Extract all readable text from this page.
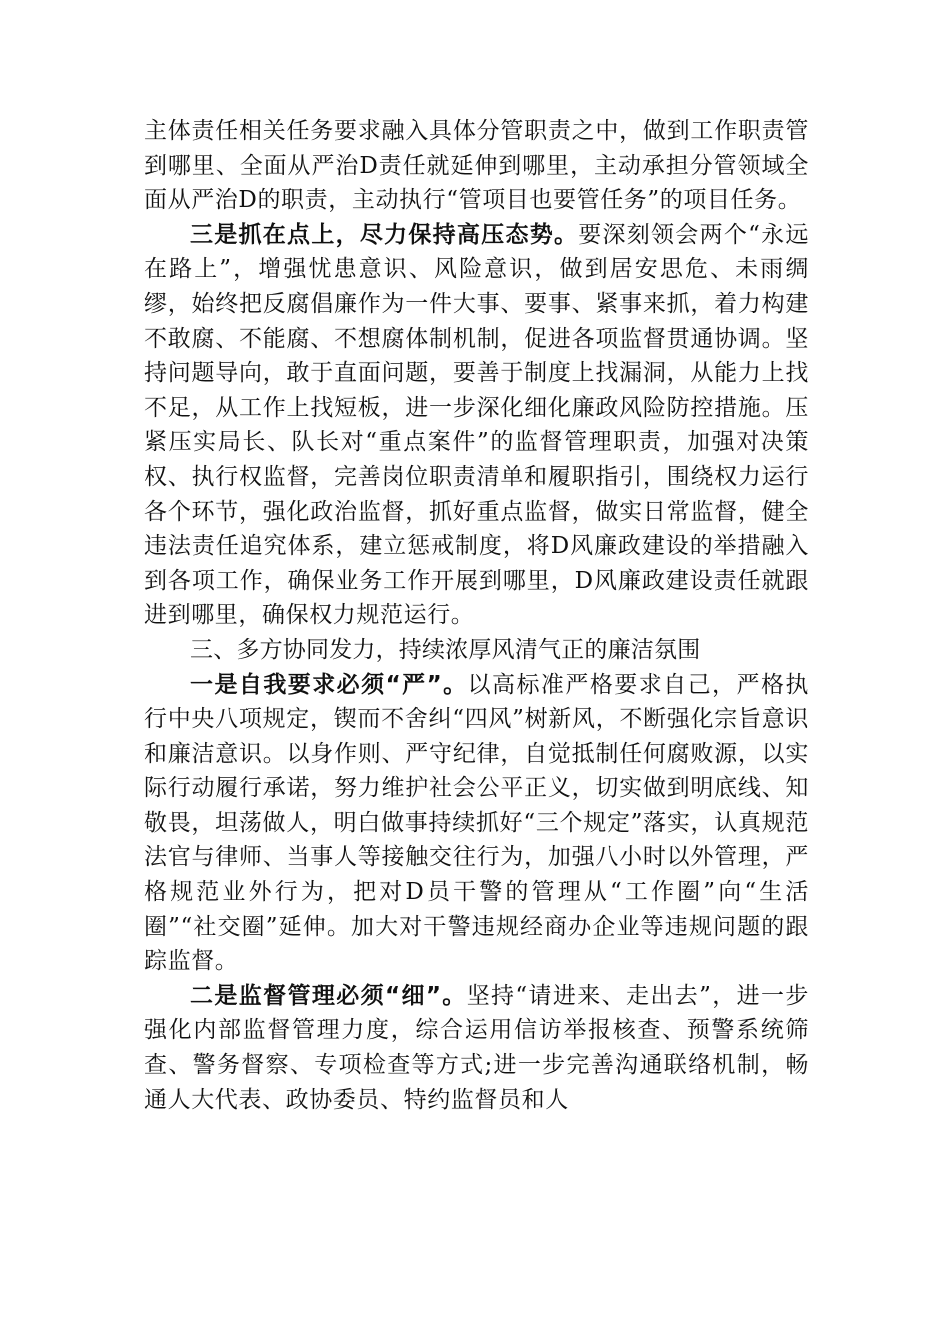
主体责任相关任务要求融入具体分管职责之中，做到工作职责管到哪里、全面从严治D责任就延伸到哪里，主动承担分管领域全面从严治D的职责，主动执行“管项目也要管任务”的项目任务。

三是抓在点上，尽力保持高压态势。要深刻领会两个“永远在路上”，增强忧患意识、风险意识，做到居安思危、未雨绸缪，始终把反腐倡廉作为一件大事、要事、紧事来抓，着力构建不敢腐、不能腐、不想腐体制机制，促进各项监督贯通协调。坚持问题导向，敢于直面问题，要善于制度上找漏洞，从能力上找不足，从工作上找短板，进一步深化细化廉政风险防控措施。压紧压实局长、队长对“重点案件”的监督管理职责，加强对决策权、执行权监督，完善岗位职责清单和履职指引，围绕权力运行各个环节，强化政治监督，抓好重点监督，做实日常监督，健全违法责任追究体系，建立惩戒制度，将D风廉政建设的举措融入到各项工作，确保业务工作开展到哪里，D风廉政建设责任就跟进到哪里，确保权力规范运行。

三、多方协同发力，持续浓厚风清气正的廉洁氛围

一是自我要求必须“严”。以高标准严格要求自己，严格执行中央八项规定，锲而不舍纠“四风”树新风，不断强化宗旨意识和廉洁意识。以身作则、严守纪律，自觉抵制任何腐败源，以实际行动履行承诺，努力维护社会公平正义，切实做到明底线、知敬畏，坦荡做人，明白做事持续抓好“三个规定”落实，认真规范法官与律师、当事人等接触交往行为，加强八小时以外管理，严格规范业外行为，把对D员干警的管理从“工作圈”向“生活圈”“社交圈”延伸。加大对干警违规经商办企业等违规问题的跟踪监督。

二是监督管理必须“细”。坚持“请进来、走出去”，进一步强化内部监督管理力度，综合运用信访举报核查、预警系统筛查、警务督察、专项检查等方式;进一步完善沟通联络机制，畅通人大代表、政协委员、特约监督员和人
